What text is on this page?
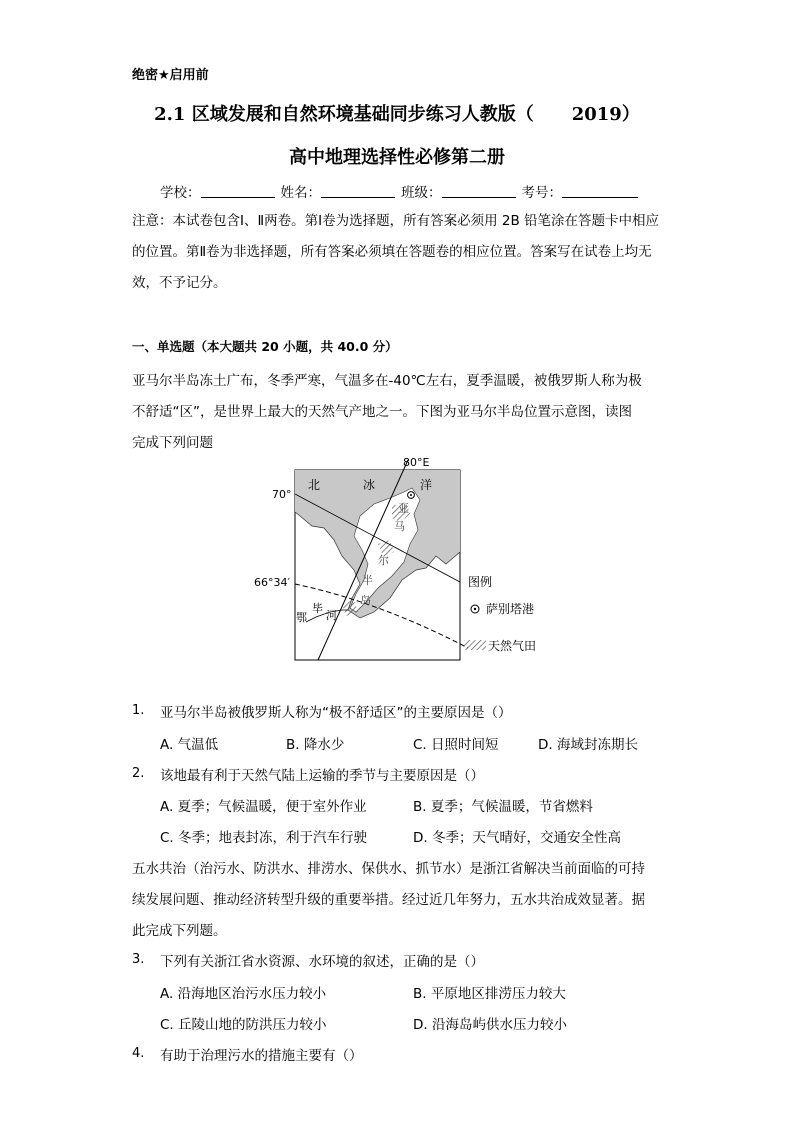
绝密★启用前
2.1 区域发展和自然环境基础同步练习人教版（ 2019）
高中地理选择性必修第二册
学校：	姓名：	班级：	考号：
注意：本试卷包含Ⅰ、Ⅱ两卷。第Ⅰ卷为选择题，所有答案必须用 2B 铅笔涂在答题卡中相应的位置。第Ⅱ卷为非选择题，所有答案必须填在答题卷的相应位置。答案写在试卷上均无效，不予记分。
一、单选题（本大题共 20 小题，共 40.0 分）
亚马尔半岛冻土广布，冬季严寒，气温多在-40℃左右，夏季温暖，被俄罗斯人称为极
不舒适“区”，是世界上最大的天然气产地之一。下图为亚马尔半岛位置示意图，读图
完成下列问题
80°E
70°
66°34′
北	冰	洋
亚
马
尔
半
岛
鄂
毕
河
图例
萨别塔港
天然气田
1. 亚马尔半岛被俄罗斯人称为“极不舒适区”的主要原因是（）
A. 气温低	B. 降水少	C. 日照时间短	D. 海域封冻期长
2. 该地最有利于天然气陆上运输的季节与主要原因是（）
A. 夏季；气候温暖，便于室外作业	B. 夏季；气候温暖，节省燃料
C. 冬季；地表封冻，利于汽车行驶	D. 冬季；天气晴好，交通安全性高
五水共治（治污水、防洪水、排涝水、保供水、抓节水）是浙江省解决当前面临的可持
续发展问题、推动经济转型升级的重要举措。经过近几年努力，五水共治成效显著。据
此完成下列题。
3. 下列有关浙江省水资源、水环境的叙述，正确的是（）
A. 沿海地区治污水压力较小	B. 平原地区排涝压力较大
C. 丘陵山地的防洪压力较小	D. 沿海岛屿供水压力较小
4. 有助于治理污水的措施主要有（）
